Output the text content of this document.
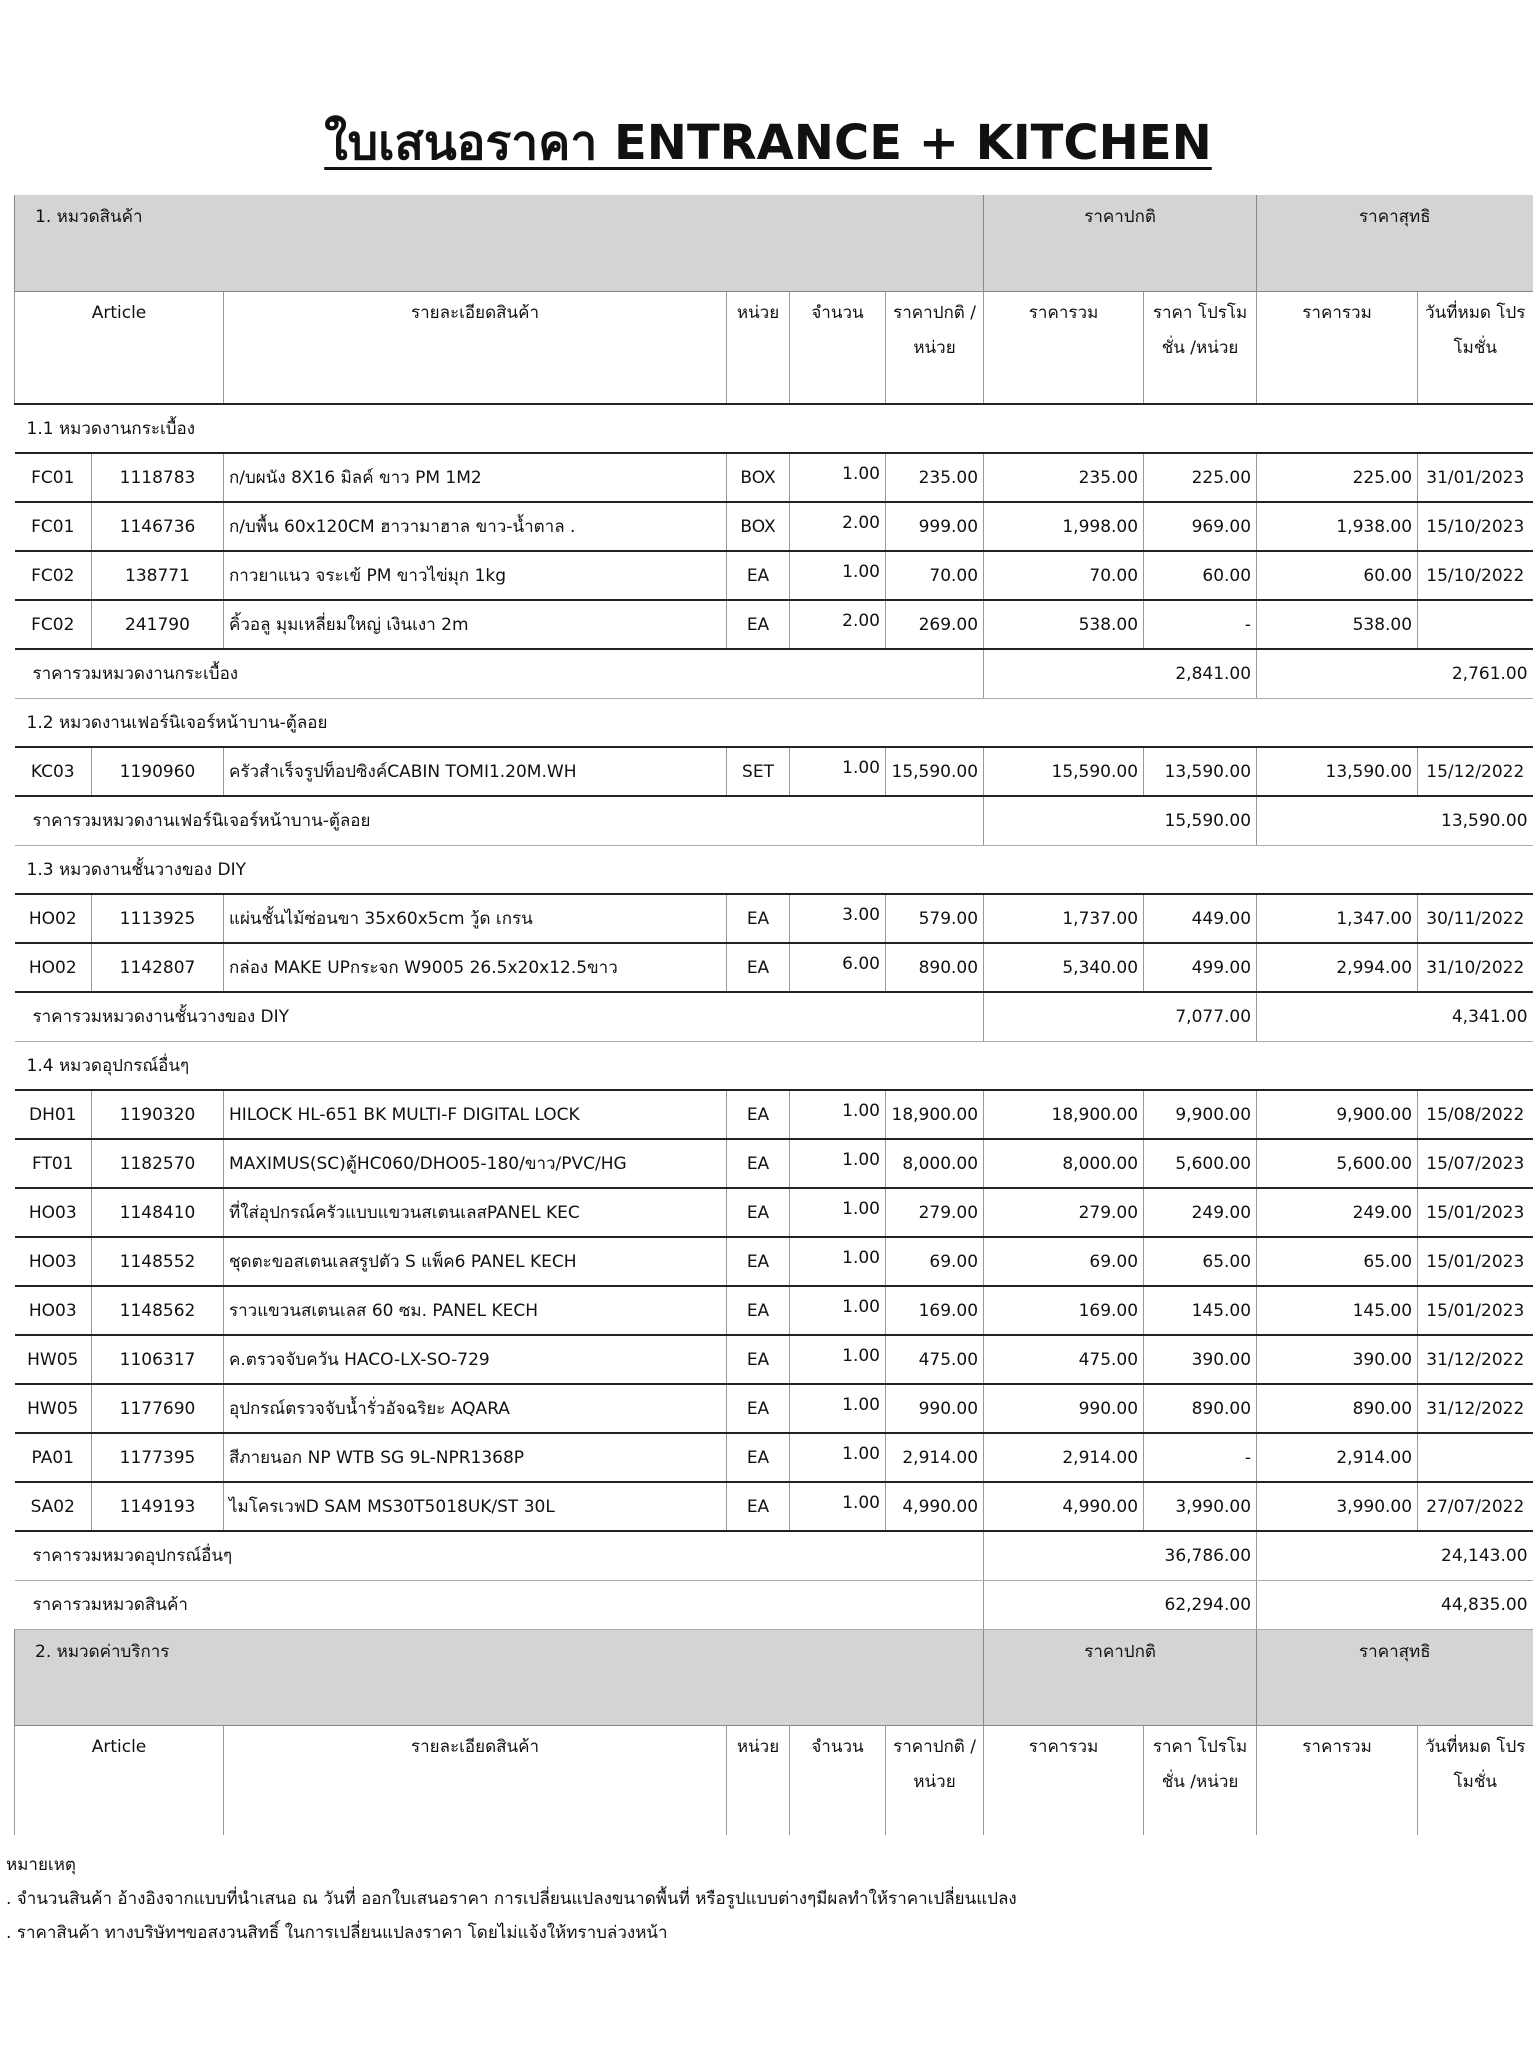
ใบเสนอราคา ENTRANCE + KITCHEN
1. หมวดสินค้า						ราคาปกติ		ราคาสุทธิ	
Article		รายละเอียดสินค้า	หน่วย	จำนวน	ราคาปกติ /หน่วย	ราคารวม	ราคา โปรโมชั่น /หน่วย	ราคารวม	วันที่หมด โปรโมชั่น
1.1 หมวดงานกระเบื้อง									
FC01	1118783	ก/บผนัง 8X16 มิลค์ ขาว PM 1M2	BOX	1.00	235.00	235.00	225.00	225.00	31/01/2023
FC01	1146736	ก/บพื้น 60x120CM ฮาวามาฮาล ขาว-น้ำตาล .	BOX	2.00	999.00	1,998.00	969.00	1,938.00	15/10/2023
FC02	138771	กาวยาแนว จระเข้ PM ขาวไข่มุก 1kg	EA	1.00	70.00	70.00	60.00	60.00	15/10/2022
FC02	241790	คิ้วอลู มุมเหลี่ยมใหญ่ เงินเงา 2m	EA	2.00	269.00	538.00	-	538.00	
ราคารวมหมวดงานกระเบื้อง						2,841.00		2,761.00	
1.2 หมวดงานเฟอร์นิเจอร์หน้าบาน-ตู้ลอย									
KC03	1190960	ครัวสำเร็จรูปท็อปซิงค์CABIN TOMI1.20M.WH	SET	1.00	15,590.00	15,590.00	13,590.00	13,590.00	15/12/2022
ราคารวมหมวดงานเฟอร์นิเจอร์หน้าบาน-ตู้ลอย						15,590.00		13,590.00	
1.3 หมวดงานชั้นวางของ DIY									
HO02	1113925	แผ่นชั้นไม้ซ่อนขา 35x60x5cm วู้ด เกรน	EA	3.00	579.00	1,737.00	449.00	1,347.00	30/11/2022
HO02	1142807	กล่อง MAKE UPกระจก W9005 26.5x20x12.5ขาว	EA	6.00	890.00	5,340.00	499.00	2,994.00	31/10/2022
ราคารวมหมวดงานชั้นวางของ DIY						7,077.00		4,341.00	
1.4 หมวดอุปกรณ์อื่นๆ									
DH01	1190320	HILOCK HL-651 BK MULTI-F DIGITAL LOCK	EA	1.00	18,900.00	18,900.00	9,900.00	9,900.00	15/08/2022
FT01	1182570	MAXIMUS(SC)ตู้HC060/DHO05-180/ขาว/PVC/HG	EA	1.00	8,000.00	8,000.00	5,600.00	5,600.00	15/07/2023
HO03	1148410	ที่ใส่อุปกรณ์ครัวแบบแขวนสเตนเลสPANEL KEC	EA	1.00	279.00	279.00	249.00	249.00	15/01/2023
HO03	1148552	ชุดตะขอสเตนเลสรูปตัว S แพ็ค6 PANEL KECH	EA	1.00	69.00	69.00	65.00	65.00	15/01/2023
HO03	1148562	ราวแขวนสเตนเลส 60 ซม. PANEL KECH	EA	1.00	169.00	169.00	145.00	145.00	15/01/2023
HW05	1106317	ค.ตรวจจับควัน HACO-LX-SO-729	EA	1.00	475.00	475.00	390.00	390.00	31/12/2022
HW05	1177690	อุปกรณ์ตรวจจับน้ำรั่วอัจฉริยะ AQARA	EA	1.00	990.00	990.00	890.00	890.00	31/12/2022
PA01	1177395	สีภายนอก NP WTB SG 9L-NPR1368P	EA	1.00	2,914.00	2,914.00	-	2,914.00	
SA02	1149193	ไมโครเวฟD SAM MS30T5018UK/ST 30L	EA	1.00	4,990.00	4,990.00	3,990.00	3,990.00	27/07/2022
ราคารวมหมวดอุปกรณ์อื่นๆ						36,786.00		24,143.00	
ราคารวมหมวดสินค้า						62,294.00		44,835.00	
2. หมวดค่าบริการ						ราคาปกติ		ราคาสุทธิ	
Article		รายละเอียดสินค้า	หน่วย	จำนวน	ราคาปกติ /หน่วย	ราคารวม	ราคา โปรโมชั่น /หน่วย	ราคารวม	วันที่หมด โปรโมชั่น
หมายเหตุ
. จำนวนสินค้า อ้างอิงจากแบบที่นำเสนอ ณ วันที่ ออกใบเสนอราคา การเปลี่ยนแปลงขนาดพื้นที่ หรือรูปแบบต่างๆมีผลทำให้ราคาเปลี่ยนแปลง
. ราคาสินค้า ทางบริษัทฯขอสงวนสิทธิ์ ในการเปลี่ยนแปลงราคา โดยไม่แจ้งให้ทราบล่วงหน้า
